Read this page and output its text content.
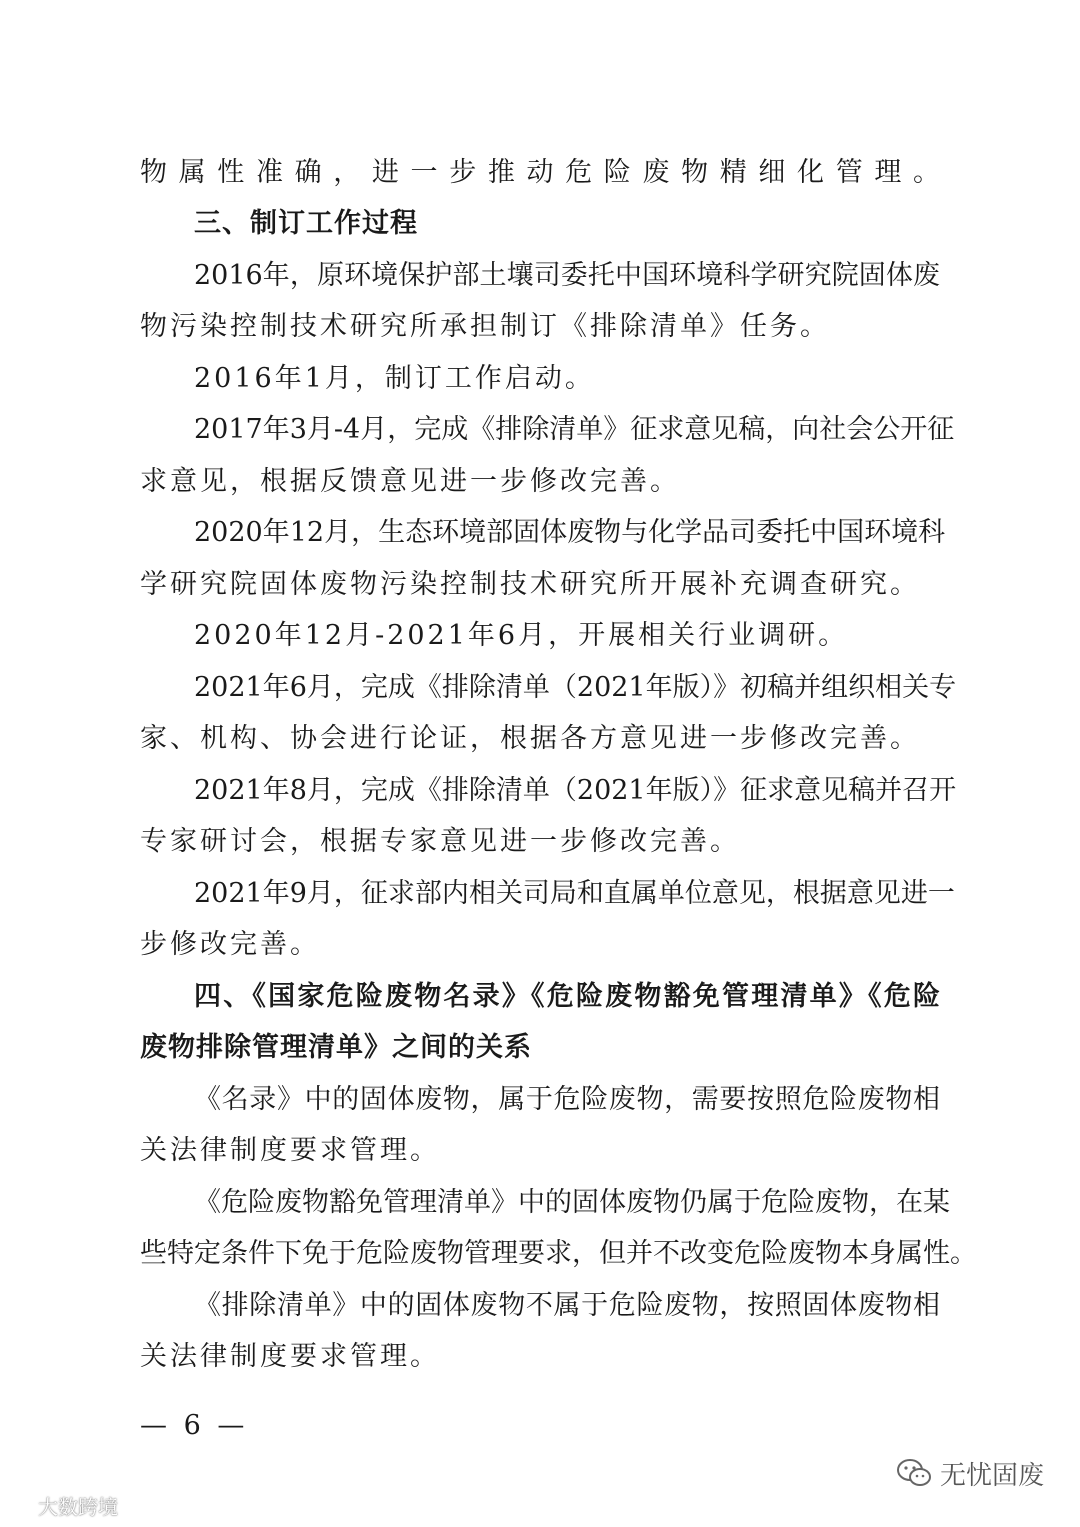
物属性准确，进一步推动危险废物精细化管理。
三、制订工作过程
2016年，原环境保护部土壤司委托中国环境科学研究院固体废
物污染控制技术研究所承担制订《排除清单》任务。
2016年1月，制订工作启动。
2017年3月-4月，完成《排除清单》征求意见稿，向社会公开征
求意见，根据反馈意见进一步修改完善。
2020年12月，生态环境部固体废物与化学品司委托中国环境科
学研究院固体废物污染控制技术研究所开展补充调查研究。
2020年12月-2021年6月，开展相关行业调研。
2021年6月，完成《排除清单（2021年版）》初稿并组织相关专
家、机构、协会进行论证，根据各方意见进一步修改完善。
2021年8月，完成《排除清单（2021年版）》征求意见稿并召开
专家研讨会，根据专家意见进一步修改完善。
2021年9月，征求部内相关司局和直属单位意见，根据意见进一
步修改完善。
四、《国家危险废物名录》《危险废物豁免管理清单》《危险
废物排除管理清单》之间的关系
《名录》中的固体废物，属于危险废物，需要按照危险废物相
关法律制度要求管理。
《危险废物豁免管理清单》中的固体废物仍属于危险废物，在某
些特定条件下免于危险废物管理要求，但并不改变危险废物本身属性。
《排除清单》中的固体废物不属于危险废物，按照固体废物相
关法律制度要求管理。
— 6 —
大数跨境
无忧固废
